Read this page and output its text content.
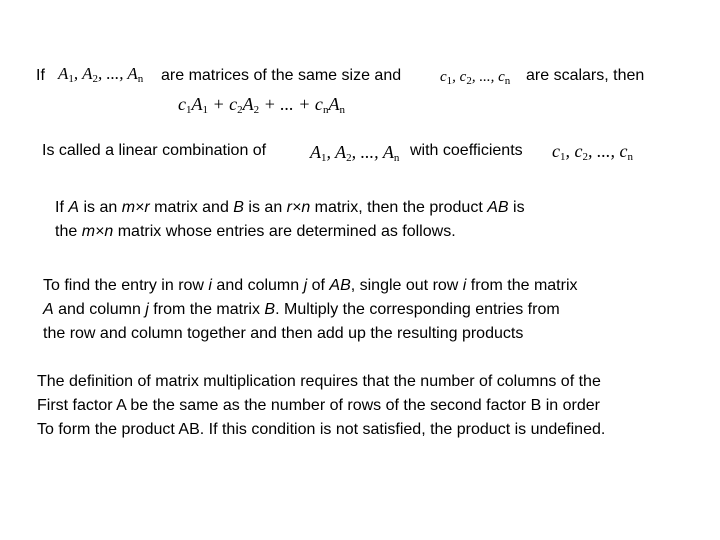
If $A_1$, $A_2$, ..., $A_n$ are matrices of the same size and	$c_1$, $c_2$, ..., $c_n$ are scalars, then
$c_1A_1 + c_2A_2$ + ... + $c_nA_n$
Is called a linear combination of $A_1$, $A_2$, ..., $A_n$ with coefficients $c_1$, $c_2$, ..., $c_n$
If A is an m×r matrix and B is an r×n matrix, then the product AB is
the m×n matrix whose entries are determined as follows.
To find the entry in row i and column j of AB, single out row i from the matrix
A and column j from the matrix B. Multiply the corresponding entries from
the row and column together and then add up the resulting products
The definition of matrix multiplication requires that the number of columns of the
First factor A be the same as the number of rows of the second factor B in order
To form the product AB. If this condition is not satisfied, the product is undefined.
